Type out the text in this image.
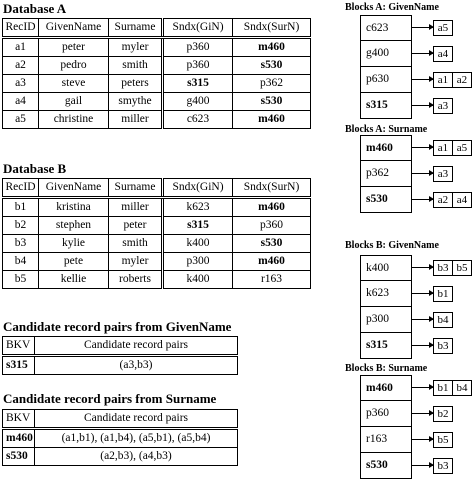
Database A
RecID	GivenName	Surname	Sndx(GiN)	Sndx(SurN)
a1	peter	myler	p360	m460
a2	pedro	smith	p360	s530
a3	steve	peters	s315	p362
a4	gail	smythe	g400	s530
a5	christine	miller	c623	m460
Database B
RecID	GivenName	Surname	Sndx(GiN)	Sndx(SurN)
b1	kristina	miller	k623	m460
b2	stephen	peter	s315	p360
b3	kylie	smith	k400	s530
b4	pete	myler	p300	m460
b5	kellie	roberts	k400	r163
Candidate record pairs from GivenName
BKV	Candidate record pairs
s315	(a3,b3)
Candidate record pairs from Surname
BKV	Candidate record pairs
m460	(a1,b1), (a1,b4), (a5,b1), (a5,b4)
s530	(a2,b3), (a4,b3)
Blocks A: GivenName
c623	a5
g400	a4
p630	a1 a2
s315	a3
Blocks A: Surname
m460	a1 a5
p362	a3
s530	a2 a4
Blocks B: GivenName
k400	b3 b5
k623	b1
p300	b4
s315	b3
Blocks B: Surname
m460	b1 b4
p360	b2
r163	b5
s530	b3
